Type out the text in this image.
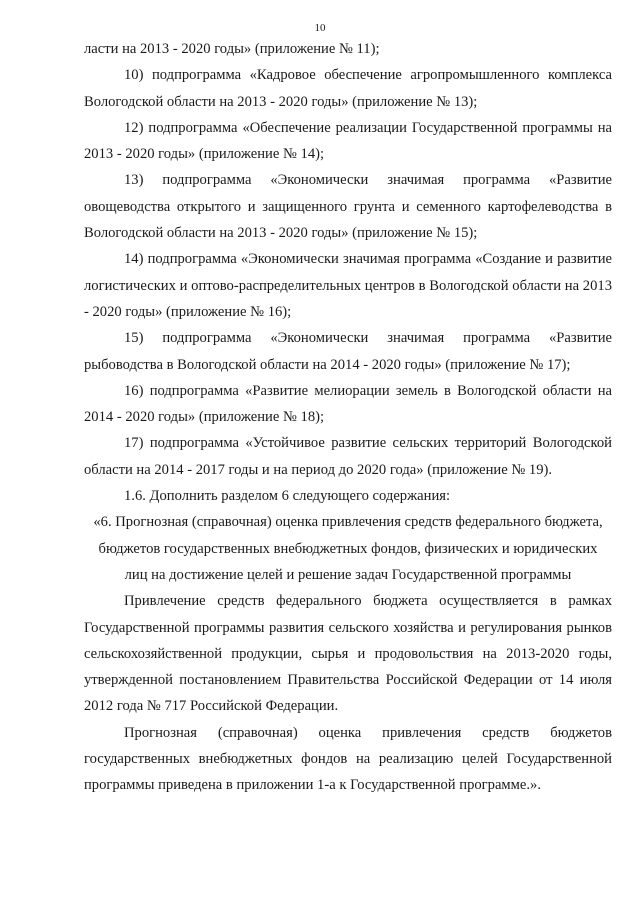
10

ласти на 2013 - 2020 годы» (приложение № 11);

10) подпрограмма «Кадровое обеспечение агропромышленного комплекса Вологодской области на 2013 - 2020 годы» (приложение № 13);

12) подпрограмма «Обеспечение реализации Государственной программы на 2013 - 2020 годы» (приложение № 14);

13) подпрограмма «Экономически значимая программа «Развитие овощеводства открытого и защищенного грунта и семенного картофелеводства в Вологодской области на 2013 - 2020 годы» (приложение № 15);

14) подпрограмма «Экономически значимая программа «Создание и развитие логистических и оптово-распределительных центров в Вологодской области на 2013 - 2020 годы» (приложение № 16);

15) подпрограмма «Экономически значимая программа «Развитие рыбоводства в Вологодской области на 2014 - 2020 годы» (приложение № 17);

16) подпрограмма «Развитие мелиорации земель в Вологодской области на 2014 - 2020 годы» (приложение № 18);

17) подпрограмма «Устойчивое развитие сельских территорий Вологодской области на 2014 - 2017 годы и на период до 2020 года» (приложение № 19).

1.6. Дополнить разделом 6 следующего содержания:

«6. Прогнозная (справочная) оценка привлечения средств федерального бюджета, бюджетов государственных внебюджетных фондов, физических и юридических лиц на достижение целей и решение задач Государственной программы

Привлечение средств федерального бюджета осуществляется в рамках Государственной программы развития сельского хозяйства и регулирования рынков сельскохозяйственной продукции, сырья и продовольствия на 2013-2020 годы, утвержденной постановлением Правительства Российской Федерации от 14 июля 2012 года № 717 Российской Федерации.

Прогнозная (справочная) оценка привлечения средств бюджетов государственных внебюджетных фондов на реализацию целей Государственной программы приведена в приложении 1-а к Государственной программе.».
